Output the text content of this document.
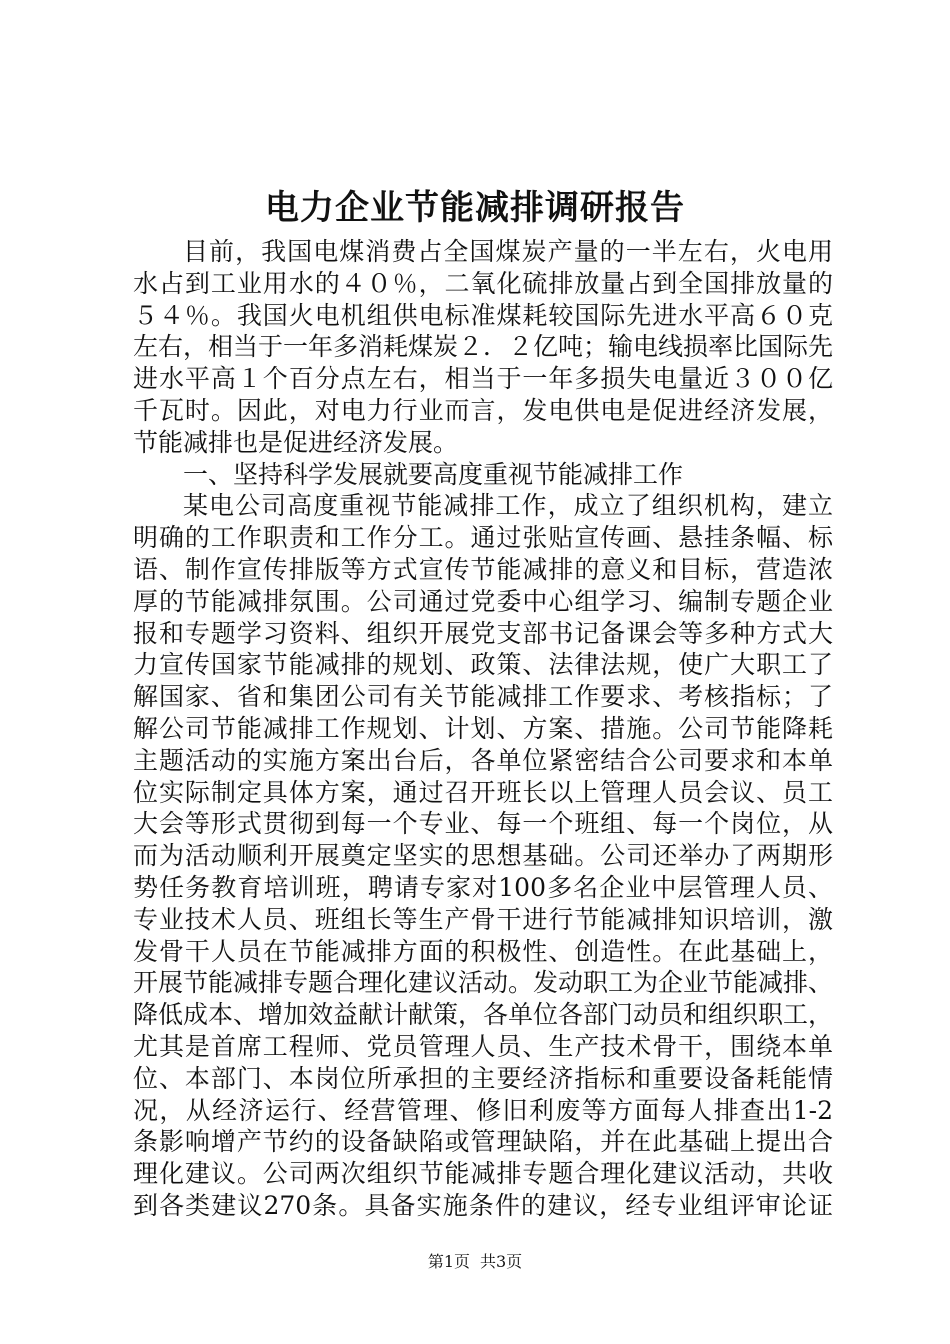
电力企业节能减排调研报告
目前，我国电煤消费占全国煤炭产量的一半左右，火电用
水占到工业用水的４０％，二氧化硫排放量占到全国排放量的
５４％。我国火电机组供电标准煤耗较国际先进水平高６０克
左右，相当于一年多消耗煤炭２．２亿吨；输电线损率比国际先
进水平高１个百分点左右，相当于一年多损失电量近３００亿
千瓦时。因此，对电力行业而言，发电供电是促进经济发展，
节能减排也是促进经济发展。
一、坚持科学发展就要高度重视节能减排工作
某电公司高度重视节能减排工作，成立了组织机构，建立
明确的工作职责和工作分工。通过张贴宣传画、悬挂条幅、标
语、制作宣传排版等方式宣传节能减排的意义和目标，营造浓
厚的节能减排氛围。公司通过党委中心组学习、编制专题企业
报和专题学习资料、组织开展党支部书记备课会等多种方式大
力宣传国家节能减排的规划、政策、法律法规，使广大职工了
解国家、省和集团公司有关节能减排工作要求、考核指标；了
解公司节能减排工作规划、计划、方案、措施。公司节能降耗
主题活动的实施方案出台后，各单位紧密结合公司要求和本单
位实际制定具体方案，通过召开班长以上管理人员会议、员工
大会等形式贯彻到每一个专业、每一个班组、每一个岗位，从
而为活动顺利开展奠定坚实的思想基础。公司还举办了两期形
势任务教育培训班，聘请专家对100多名企业中层管理人员、
专业技术人员、班组长等生产骨干进行节能减排知识培训，激
发骨干人员在节能减排方面的积极性、创造性。在此基础上，
开展节能减排专题合理化建议活动。发动职工为企业节能减排、
降低成本、增加效益献计献策，各单位各部门动员和组织职工，
尤其是首席工程师、党员管理人员、生产技术骨干，围绕本单
位、本部门、本岗位所承担的主要经济指标和重要设备耗能情
况，从经济运行、经营管理、修旧利废等方面每人排查出1-2
条影响增产节约的设备缺陷或管理缺陷，并在此基础上提出合
理化建议。公司两次组织节能减排专题合理化建议活动，共收
到各类建议270条。具备实施条件的建议，经专业组评审论证
第1页 共3页
